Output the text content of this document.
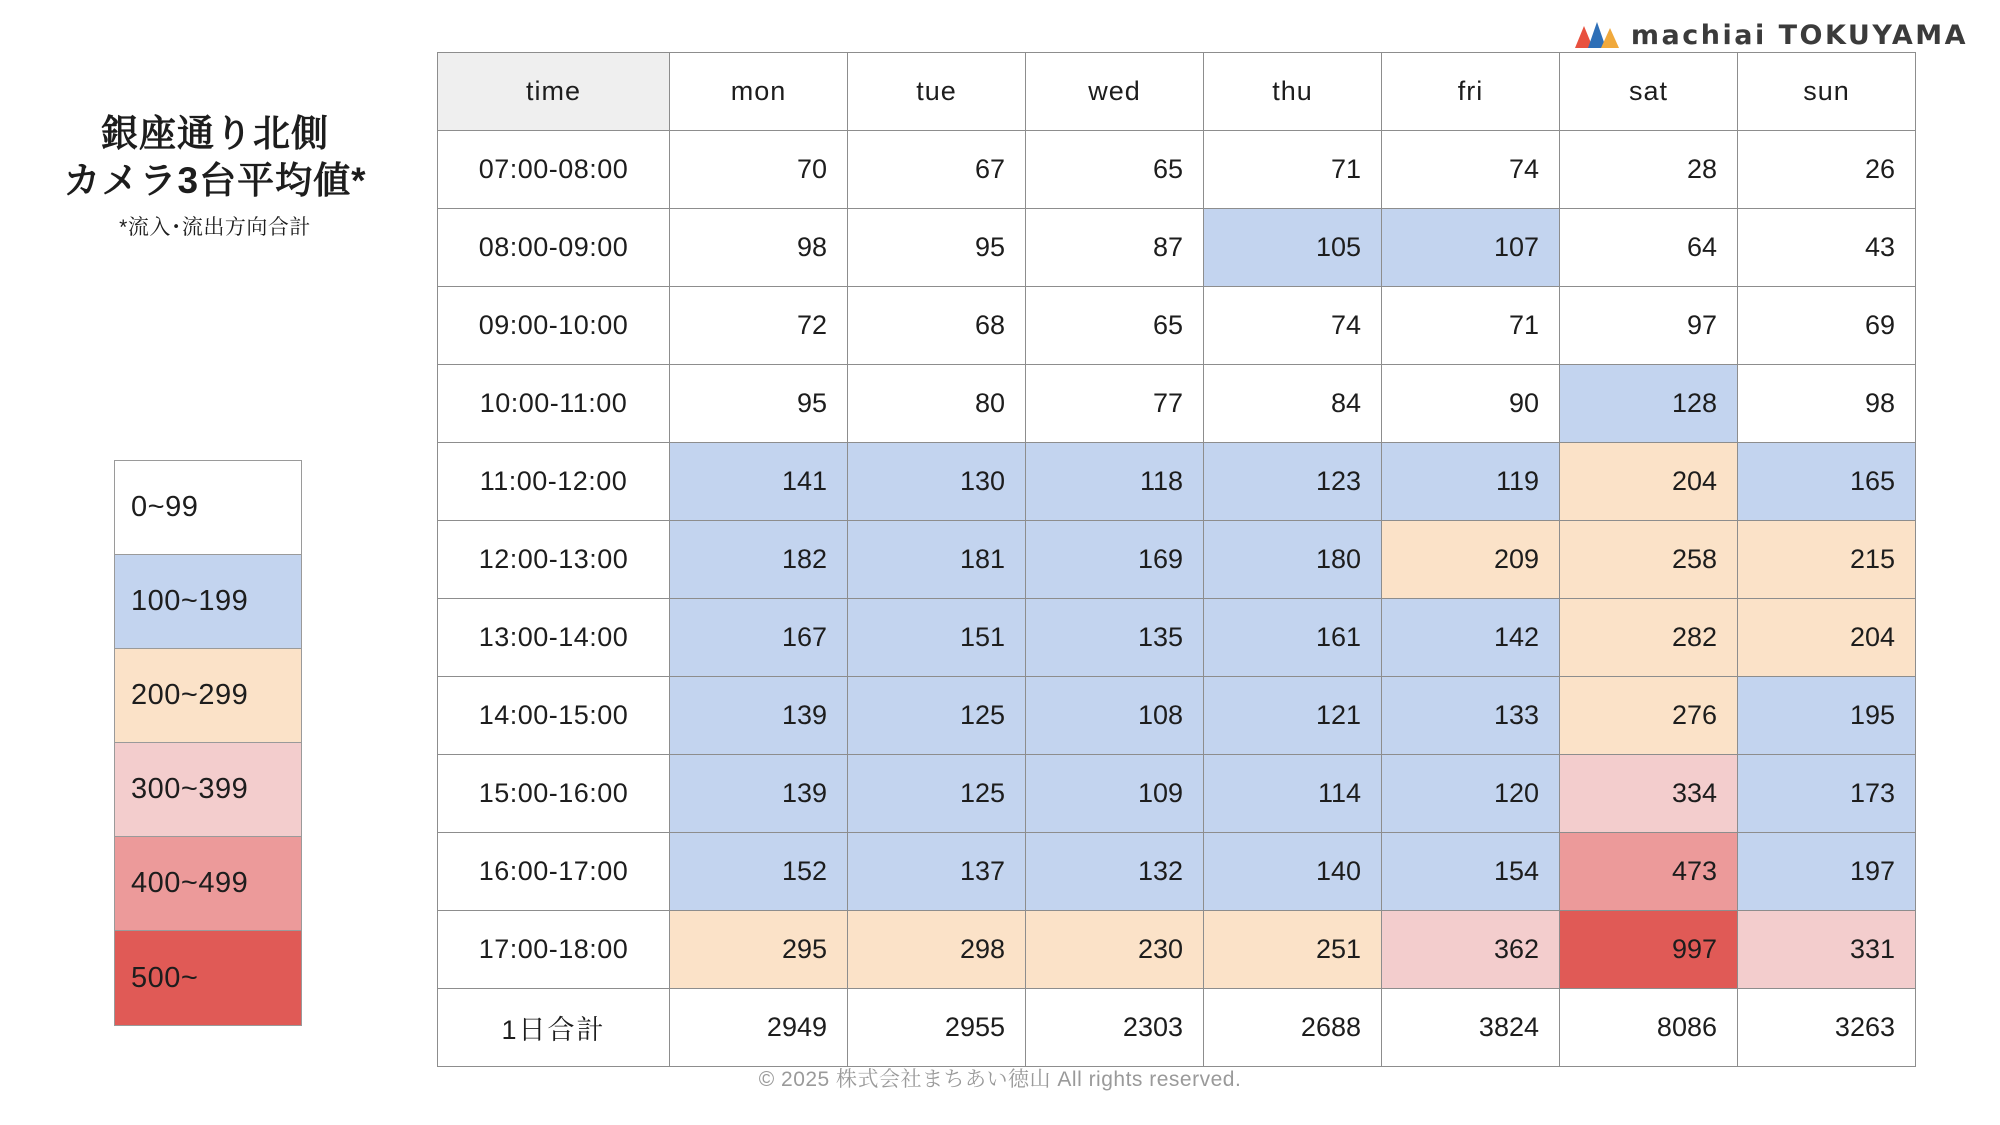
machiai TOKUYAMA
銀座通り北側
カメラ3台平均値*
*流入･流出方向合計
0~99
100~199
200~299
300~399
400~499
500~
time	mon	tue	wed	thu	fri	sat	sun
07:00-08:00	70	67	65	71	74	28	26
08:00-09:00	98	95	87	105	107	64	43
09:00-10:00	72	68	65	74	71	97	69
10:00-11:00	95	80	77	84	90	128	98
11:00-12:00	141	130	118	123	119	204	165
12:00-13:00	182	181	169	180	209	258	215
13:00-14:00	167	151	135	161	142	282	204
14:00-15:00	139	125	108	121	133	276	195
15:00-16:00	139	125	109	114	120	334	173
16:00-17:00	152	137	132	140	154	473	197
17:00-18:00	295	298	230	251	362	997	331
1日合計	2949	2955	2303	2688	3824	8086	3263
© 2025 株式会社まちあい徳山 All rights reserved.
